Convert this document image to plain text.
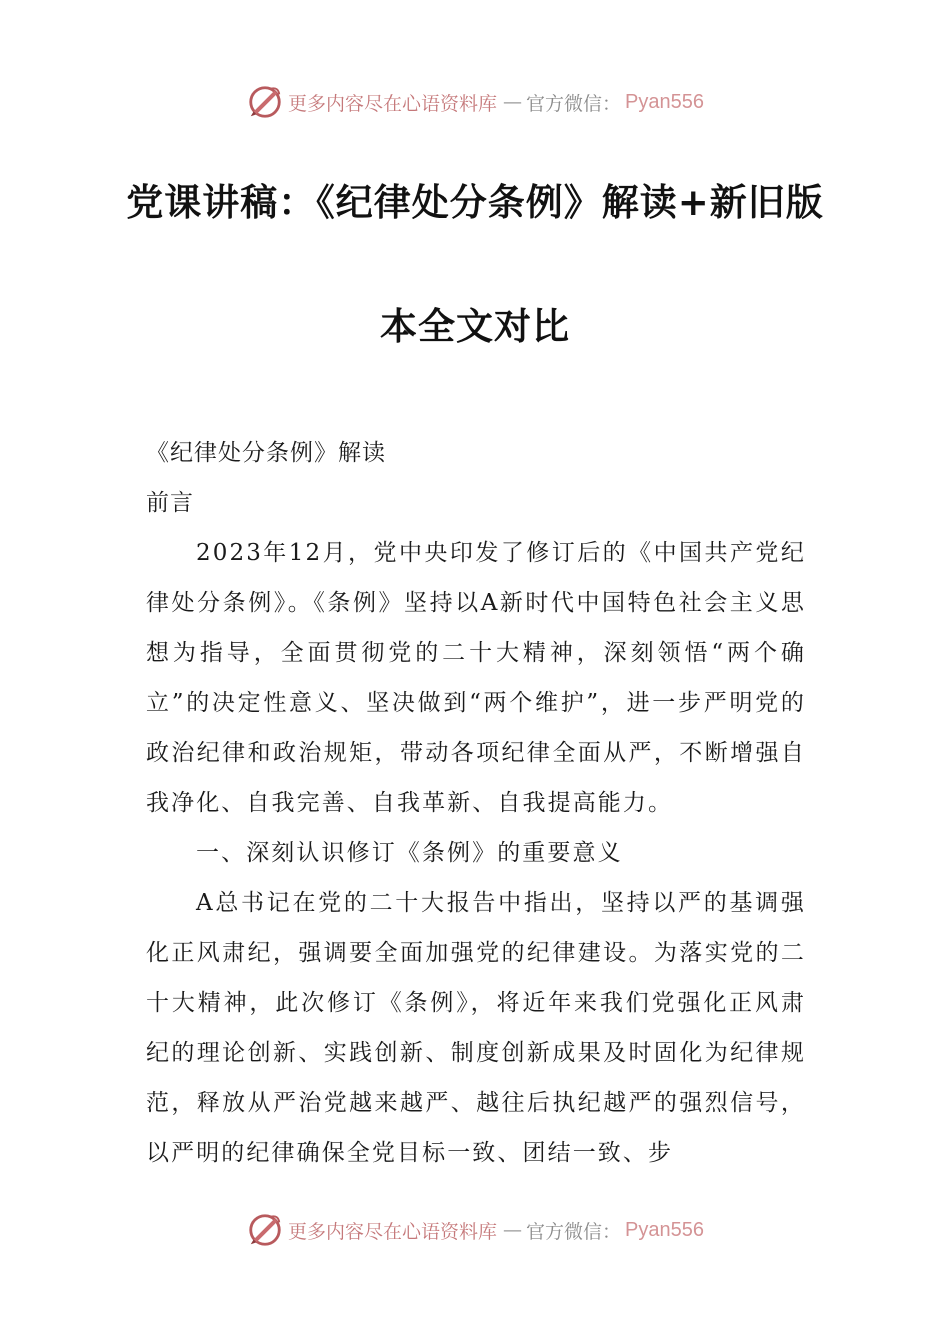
更多内容尽在心语资料库 — 官方微信： Pyan556
党课讲稿：《纪律处分条例》解读+新旧版
本全文对比

《纪律处分条例》解读

前言

2023年12月，党中央印发了修订后的《中国共产党纪律处分条例》。《条例》坚持以A新时代中国特色社会主义思想为指导，全面贯彻党的二十大精神，深刻领悟“两个确立”的决定性意义、坚决做到“两个维护”，进一步严明党的政治纪律和政治规矩，带动各项纪律全面从严，不断增强自我净化、自我完善、自我革新、自我提高能力。

一、深刻认识修订《条例》的重要意义

A总书记在党的二十大报告中指出，坚持以严的基调强化正风肃纪，强调要全面加强党的纪律建设。为落实党的二十大精神，此次修订《条例》，将近年来我们党强化正风肃纪的理论创新、实践创新、制度创新成果及时固化为纪律规范，释放从严治党越来越严、越往后执纪越严的强烈信号，以严明的纪律确保全党目标一致、团结一致、步

更多内容尽在心语资料库 — 官方微信： Pyan556
